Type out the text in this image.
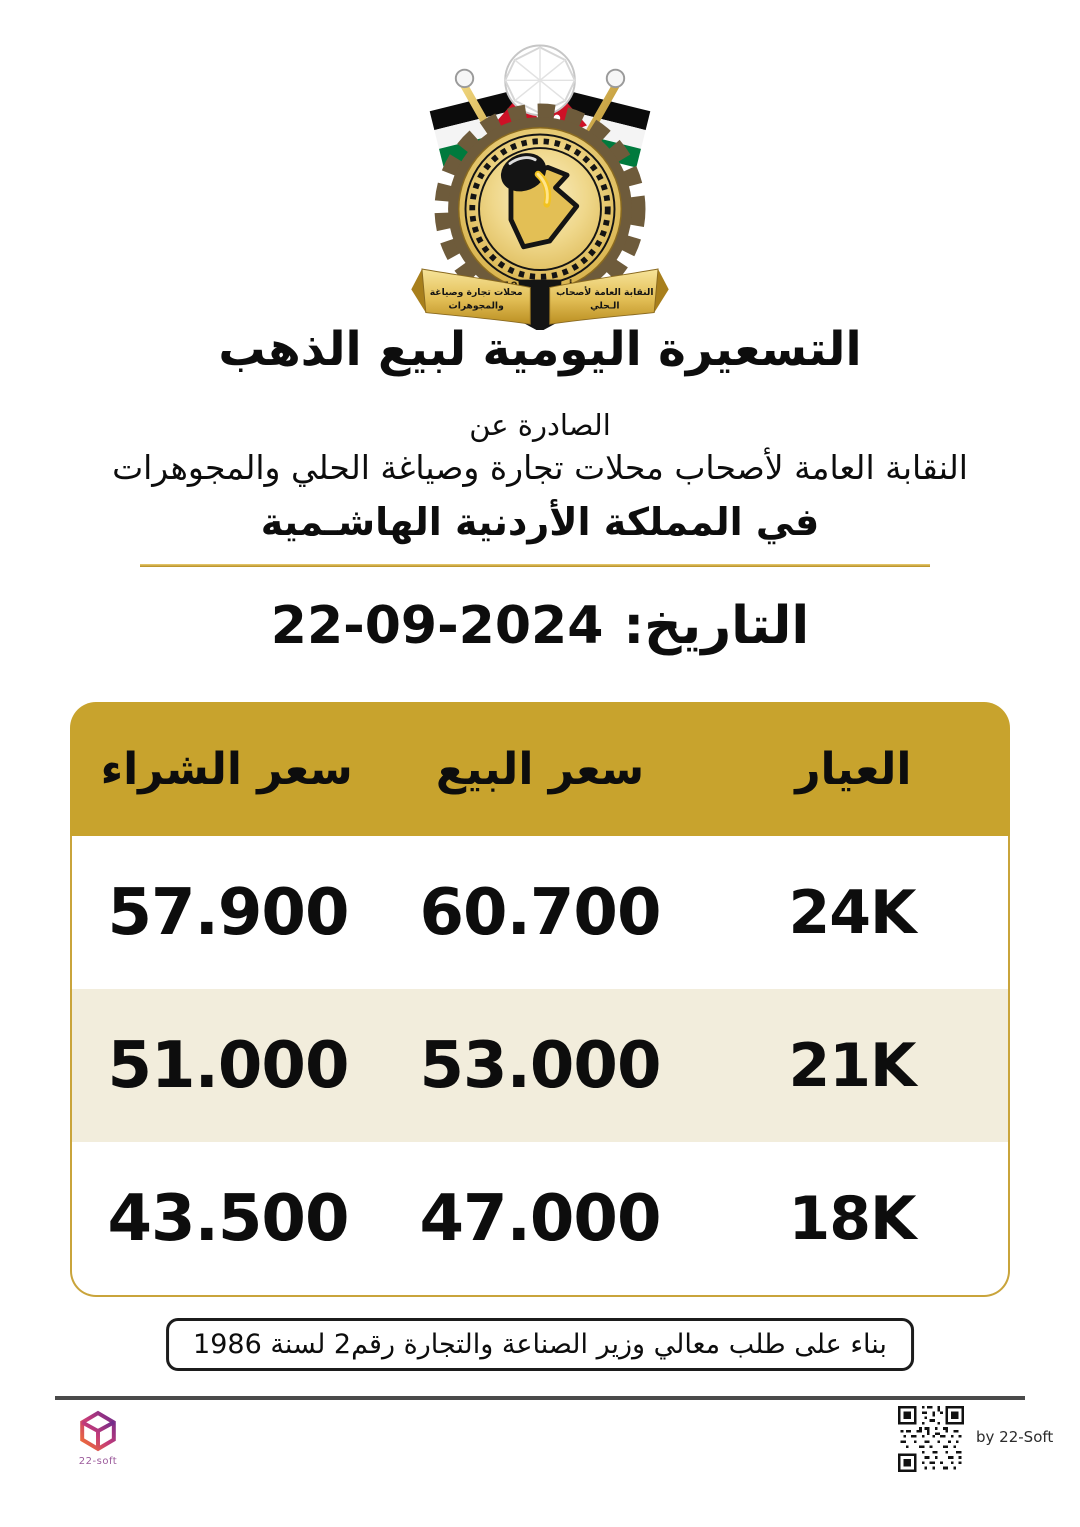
النقابة العامة لأصحاب
الـحلي
محلات تجارة وصياغة
والمجوهرات
التسعيرة اليومية لبيع الذهب
الصادرة عن
النقابة العامة لأصحاب محلات تجارة وصياغة الحلي والمجوهرات
في المملكة الأردنية الهاشـمية
التاريخ:
22-09-2024
العيار
سعر البيع
سعر الشراء
24K
60.700
57.900
21K
53.000
51.000
18K
47.000
43.500
بناء على طلب معالي وزير الصناعة والتجارة رقم2 لسنة 1986
22-soft
by 22-Soft
